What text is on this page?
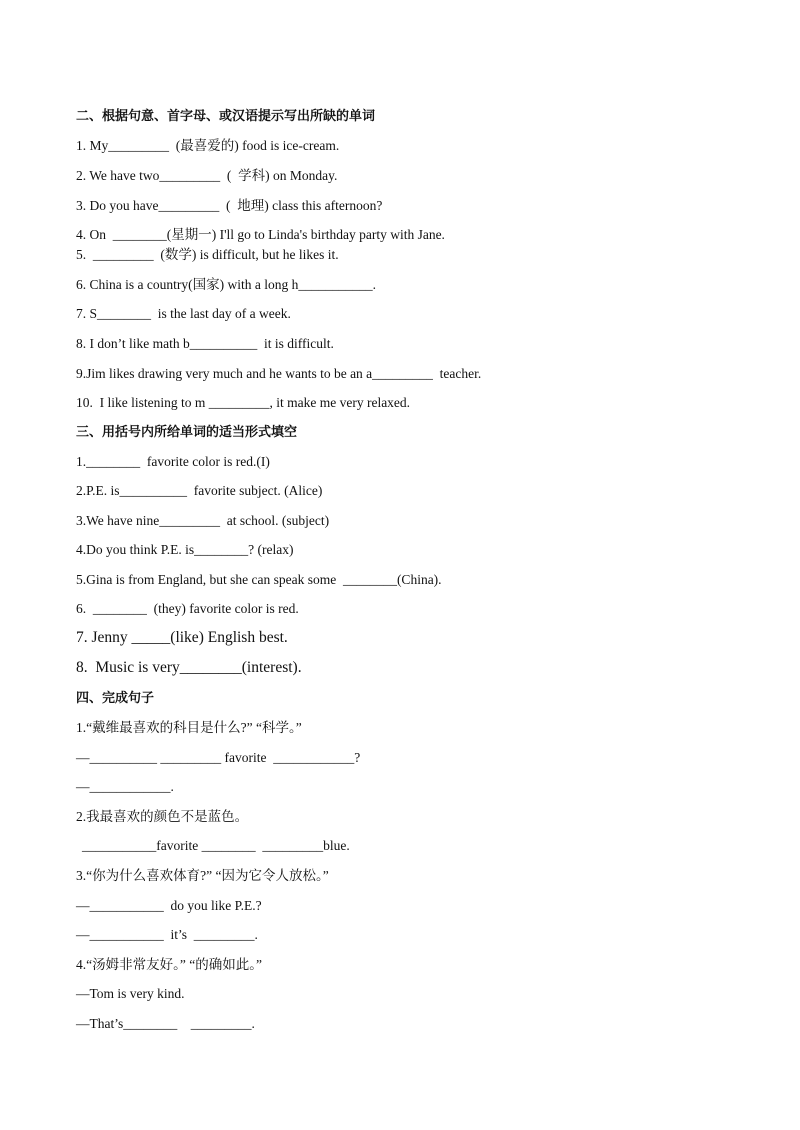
二、根据句意、首字母、或汉语提示写出所缺的单词
1. My_________  (最喜爱的) food is ice-cream.
2. We have two_________  (  学科) on Monday.
3. Do you have_________  (  地理) class this afternoon?
4. On  ________(星期一) I'll go to Linda's birthday party with Jane.
5.  _________  (数学) is difficult, but he likes it.
6. China is a country(国家) with a long h___________.
7. S________  is the last day of a week.
8. I don’t like math b__________  it is difficult.
9.Jim likes drawing very much and he wants to be an a_________  teacher.
10.  I like listening to m _________, it make me very relaxed.
三、用括号内所给单词的适当形式填空
1.________  favorite color is red.(I)
2.P.E. is__________  favorite subject. (Alice)
3.We have nine_________  at school. (subject)
4.Do you think P.E. is________? (relax)
5.Gina is from England, but she can speak some  ________(China).
6.  ________  (they) favorite color is red.
7. Jenny _____(like) English best.
8.  Music is very________(interest).
四、完成句子
1.“戴维最喜欢的科目是什么?” “科学。”
—__________ _________ favorite  ____________?
—____________.
2.我最喜欢的颜色不是蓝色。
___________favorite ________  _________blue.
3.“你为什么喜欢体育?” “因为它令人放松。”
—___________  do you like P.E.?
—___________  it’s  _________.
4.“汤姆非常友好。” “的确如此。”
—Tom is very kind.
—That’s________    _________.
